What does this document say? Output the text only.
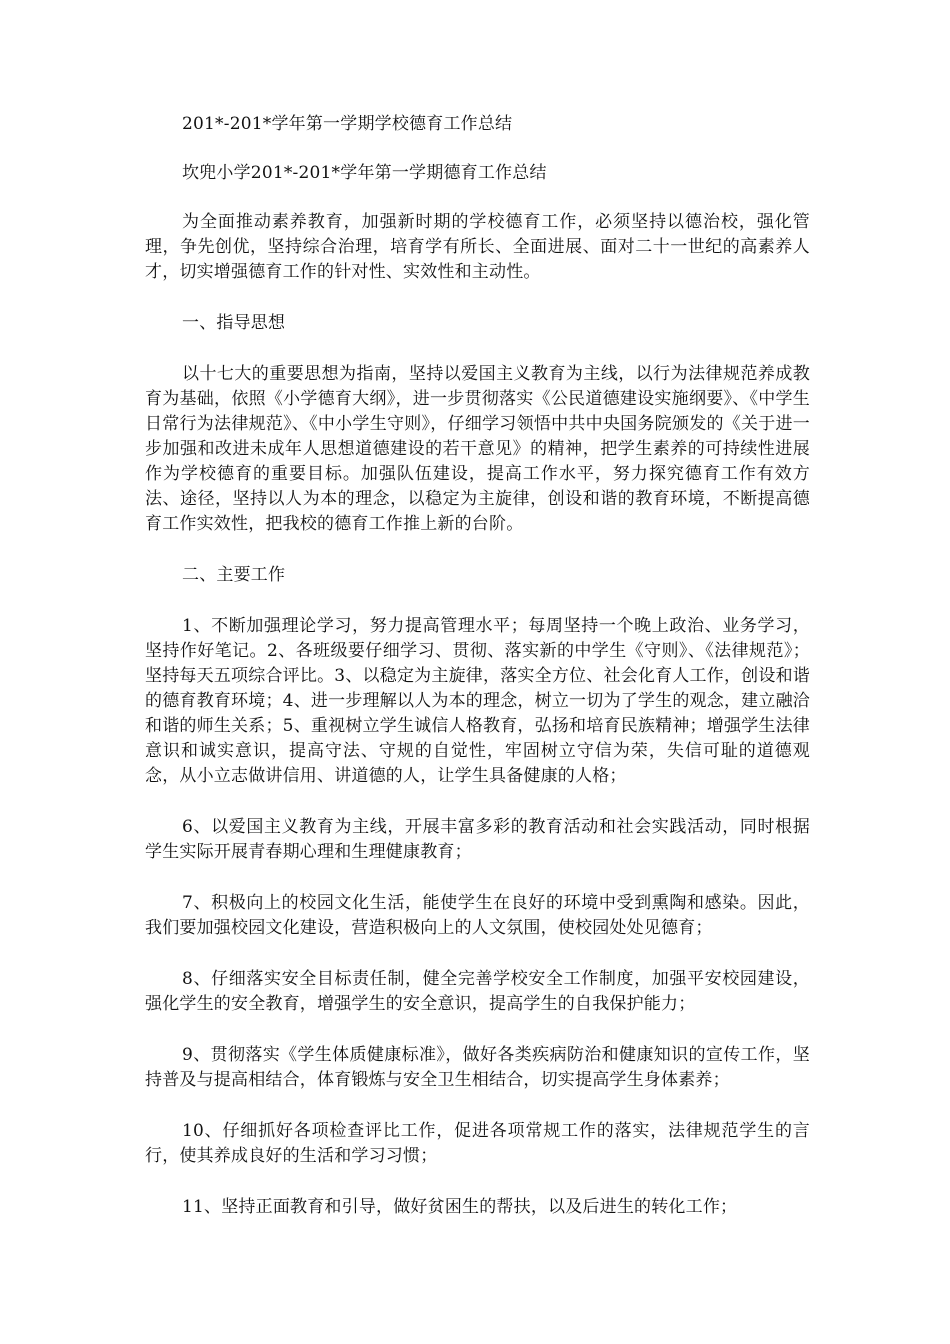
201*-201*学年第一学期学校德育工作总结

坎兜小学201*-201*学年第一学期德育工作总结

为全面推动素养教育，加强新时期的学校德育工作，必须坚持以德治校，强化管理，争先创优，坚持综合治理，培育学有所长、全面进展、面对二十一世纪的高素养人才，切实增强德育工作的针对性、实效性和主动性。

一、指导思想

以十七大的重要思想为指南，坚持以爱国主义教育为主线，以行为法律规范养成教育为基础，依照《小学德育大纲》，进一步贯彻落实《公民道德建设实施纲要》、《中学生日常行为法律规范》、《中小学生守则》，仔细学习领悟中共中央国务院颁发的《关于进一步加强和改进未成年人思想道德建设的若干意见》的精神，把学生素养的可持续性进展作为学校德育的重要目标。加强队伍建设，提高工作水平，努力探究德育工作有效方法、途径，坚持以人为本的理念，以稳定为主旋律，创设和谐的教育环境，不断提高德育工作实效性，把我校的德育工作推上新的台阶。

二、主要工作

1、不断加强理论学习，努力提高管理水平；每周坚持一个晚上政治、业务学习，坚持作好笔记。2、各班级要仔细学习、贯彻、落实新的中学生《守则》、《法律规范》；坚持每天五项综合评比。3、以稳定为主旋律，落实全方位、社会化育人工作，创设和谐的德育教育环境；4、进一步理解以人为本的理念，树立一切为了学生的观念，建立融洽和谐的师生关系；5、重视树立学生诚信人格教育，弘扬和培育民族精神；增强学生法律意识和诚实意识，提高守法、守规的自觉性，牢固树立守信为荣，失信可耻的道德观念，从小立志做讲信用、讲道德的人，让学生具备健康的人格；

6、以爱国主义教育为主线，开展丰富多彩的教育活动和社会实践活动，同时根据学生实际开展青春期心理和生理健康教育；

7、积极向上的校园文化生活，能使学生在良好的环境中受到熏陶和感染。因此，我们要加强校园文化建设，营造积极向上的人文氛围，使校园处处见德育；

8、仔细落实安全目标责任制，健全完善学校安全工作制度，加强平安校园建设，强化学生的安全教育，增强学生的安全意识，提高学生的自我保护能力；

9、贯彻落实《学生体质健康标准》，做好各类疾病防治和健康知识的宣传工作，坚持普及与提高相结合，体育锻炼与安全卫生相结合，切实提高学生身体素养；

10、仔细抓好各项检查评比工作，促进各项常规工作的落实，法律规范学生的言行，使其养成良好的生活和学习习惯；

11、坚持正面教育和引导，做好贫困生的帮扶，以及后进生的转化工作；
